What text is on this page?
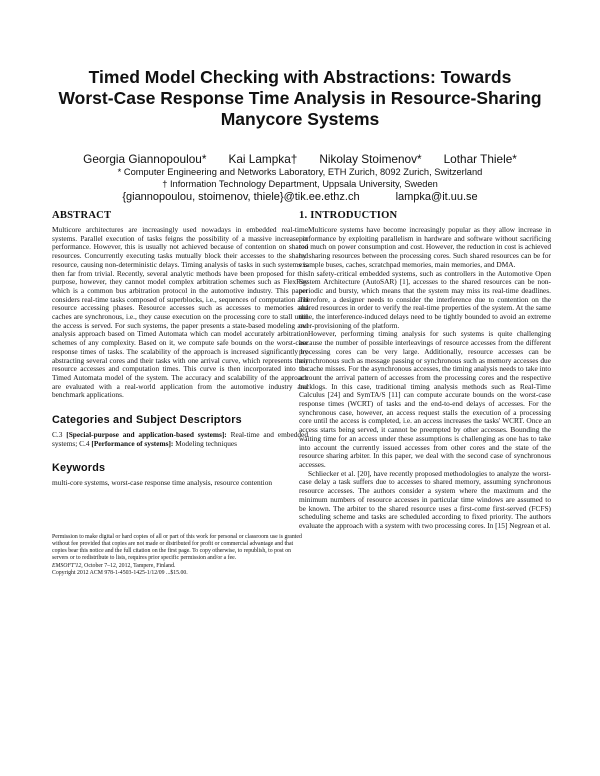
Timed Model Checking with Abstractions: Towards
Worst-Case Response Time Analysis in Resource-Sharing
Manycore Systems
Georgia Giannopoulou* Kai Lampka† Nikolay Stoimenov* Lothar Thiele*
* Computer Engineering and Networks Laboratory, ETH Zurich, 8092 Zurich, Switzerland
† Information Technology Department, Uppsala University, Sweden
{giannopoulou, stoimenov, thiele}@tik.ee.ethz.ch	lampka@it.uu.se
ABSTRACT

Multicore architectures are increasingly used nowadays in embedded real-time systems. Parallel execution of tasks feigns the possibility of a massive increase in performance. However, this is usually not achieved because of contention on shared resources. Concurrently executing tasks mutually block their accesses to the shared resource, causing non-deterministic delays. Timing analysis of tasks in such systems is then far from trivial. Recently, several analytic methods have been proposed for this purpose, however, they cannot model complex arbitration schemes such as FlexRay which is a common bus arbitration protocol in the automotive industry. This paper considers real-time tasks composed of superblocks, i.e., sequences of computation and resource accessing phases. Resource accesses such as accesses to memories and caches are synchronous, i.e., they cause execution on the processing core to stall until the access is served. For such systems, the paper presents a state-based modeling and analysis approach based on Timed Automata which can model accurately arbitration schemes of any complexity. Based on it, we compute safe bounds on the worst-case response times of tasks. The scalability of the approach is increased significantly by abstracting several cores and their tasks with one arrival curve, which represents their resource accesses and computation times. This curve is then incorporated into the Timed Automata model of the system. The accuracy and scalability of the approach are evaluated with a real-world application from the automotive industry and benchmark applications.

Categories and Subject Descriptors

C.3 [Special-purpose and application-based systems]: Real-time and embedded systems; C.4 [Performance of systems]: Modeling techniques

Keywords

multi-core systems, worst-case response time analysis, resource contention

Permission to make digital or hard copies of all or part of this work for personal or classroom use is granted without fee provided that copies are not made or distributed for profit or commercial advantage and that copies bear this notice and the full citation on the first page. To copy otherwise, to republish, to post on servers or to redistribute to lists, requires prior specific permission and/or a fee.

EMSOFT'12, October 7–12, 2012, Tampere, Finland.

Copyright 2012 ACM 978-1-4503-1425-1/12/09 ...$15.00.

1. INTRODUCTION

Multicore systems have become increasingly popular as they allow increase in performance by exploiting parallelism in hardware and software without sacrificing too much on power consumption and cost. However, the reduction in cost is achieved by sharing resources between the processing cores. Such shared resources can be for example buses, caches, scratchpad memories, main memories, and DMA.

In safety-critical embedded systems, such as controllers in the Automotive Open System Architecture (AutoSAR) [1], accesses to the shared resources can be non-periodic and bursty, which means that the system may miss its real-time deadlines. Therefore, a designer needs to consider the interference due to contention on the shared resources in order to verify the real-time properties of the system. At the same time, the interference-induced delays need to be tightly bounded to avoid an extreme over-provisioning of the platform.

However, performing timing analysis for such systems is quite challenging because the number of possible interleavings of resource accesses from the different processing cores can be very large. Additionally, resource accesses can be asynchronous such as message passing or synchronous such as memory accesses due to cache misses. For the asynchronous accesses, the timing analysis needs to take into account the arrival pattern of accesses from the processing cores and the respective backlogs. In this case, traditional timing analysis methods such as Real-Time Calculus [24] and SymTA/S [11] can compute accurate bounds on the worst-case response times (WCRT) of tasks and the end-to-end delays of accesses. For the synchronous case, however, an access request stalls the execution of a processing core until the access is completed, i.e. an access increases the tasks' WCRT. Once an access starts being served, it cannot be preempted by other accesses. Bounding the waiting time for an access under these assumptions is challenging as one has to take into account the currently issued accesses from other cores and the state of the resource sharing arbiter. In this paper, we deal with the second case of synchronous accesses.

Schliecker et al. [20], have recently proposed methodologies to analyze the worst-case delay a task suffers due to accesses to shared memory, assuming synchronous resource accesses. The authors consider a system where the maximum and the minimum numbers of resource accesses in particular time windows are assumed to be known. The arbiter to the shared resource uses a first-come first-served (FCFS) scheduling scheme and tasks are scheduled according to fixed priority. The authors evaluate the approach with a system with two processing cores. In [15] Negrean et al.
